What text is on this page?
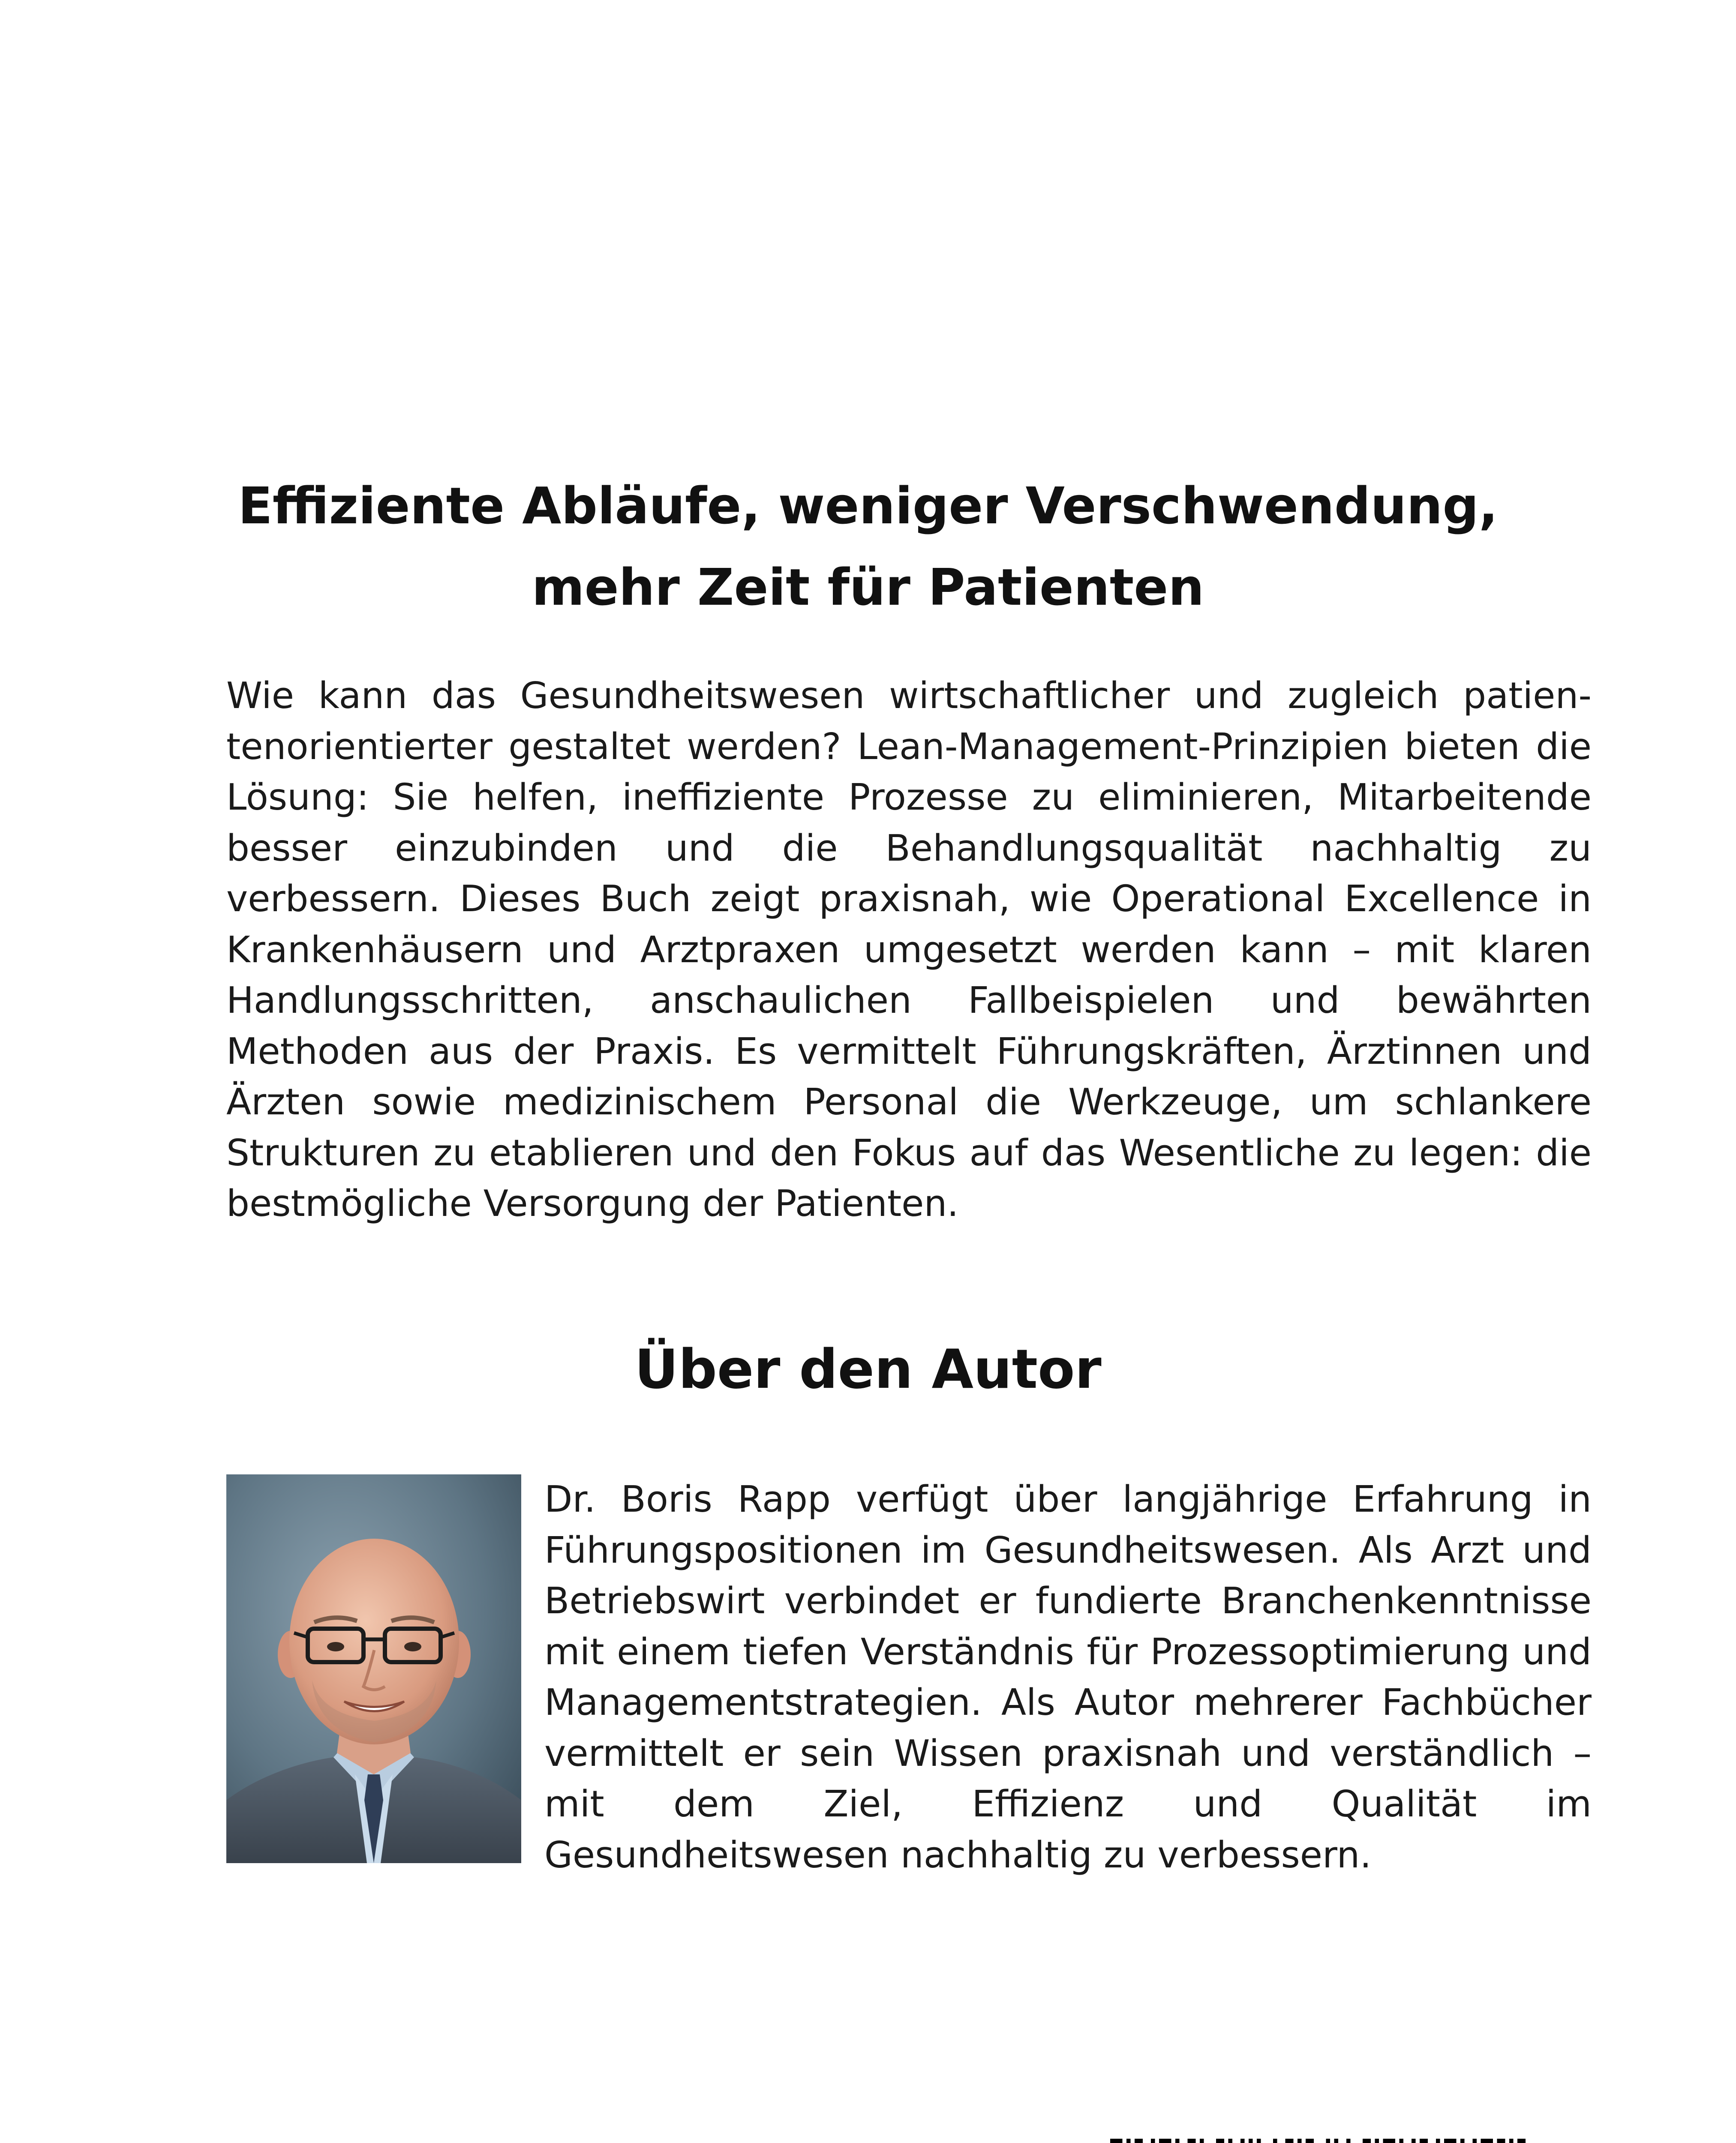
Effiziente Abläufe, weniger Verschwendung,
mehr Zeit für Patienten

Wie kann das Gesundheitswesen wirtschaftlicher und zugleich patientenorientierter gestaltet werden? Lean-Management-Prinzipien bieten die Lösung: Sie helfen, ineffiziente Prozesse zu eliminieren, Mitarbeitende besser einzubinden und die Behandlungsqualität nachhaltig zu verbessern. Dieses Buch zeigt praxisnah, wie Operational Excellence in Krankenhäusern und Arztpraxen umgesetzt werden kann – mit klaren Handlungsschritten, anschaulichen Fallbeispielen und bewährten Methoden aus der Praxis. Es vermittelt Führungskräften, Ärztinnen und Ärzten sowie medizinischem Personal die Werkzeuge, um schlankere Strukturen zu etablieren und den Fokus auf das Wesentliche zu legen: die bestmögliche Versorgung der Patienten.

Über den Autor

Dr. Boris Rapp verfügt über langjährige Erfahrung in Führungspositionen im Gesundheitswesen. Als Arzt und Betriebswirt verbindet er fundierte Branchenkenntnisse mit einem tiefen Verständnis für Prozessoptimierung und Managementstrategien. Als Autor mehrerer Fachbücher vermittelt er sein Wissen praxisnah und verständlich – mit dem Ziel, Effizienz und Qualität im Gesundheitswesen nachhaltig zu verbessern.
